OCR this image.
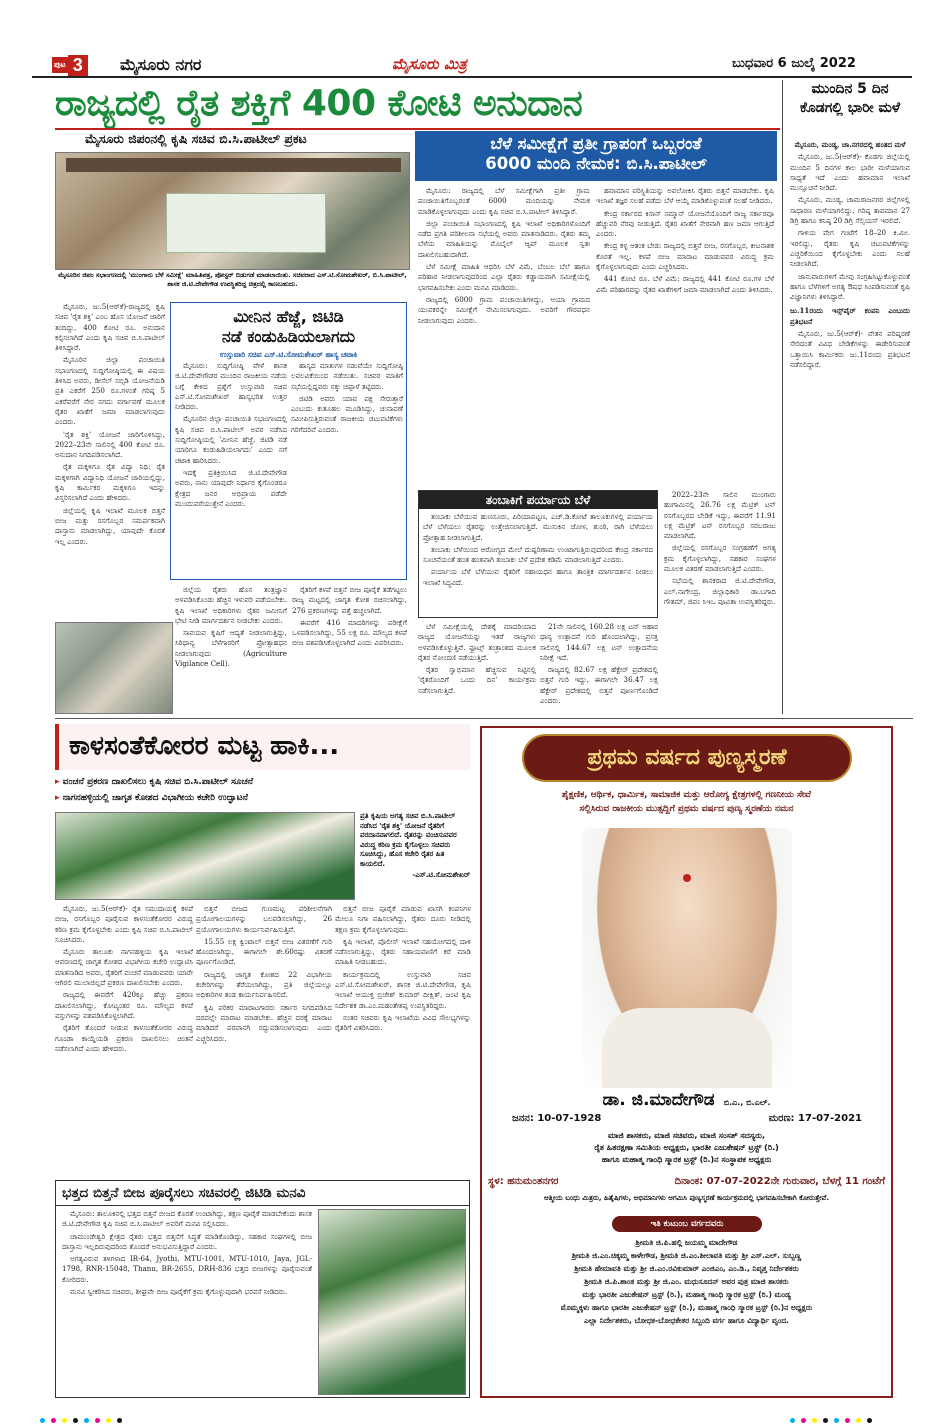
ಪುಟ 3	ಮೈಸೂರು ನಗರ	ಮೈಸೂರು ಮಿತ್ರ	ಬುಧವಾರ 6 ಜುಲೈ 2022
ರಾಜ್ಯದಲ್ಲಿ ರೈತ ಶಕ್ತಿಗೆ 400 ಕೋಟಿ ಅನುದಾನ
ಮೈಸೂರು ಜಿಪಂನಲ್ಲಿ ಕೃಷಿ ಸಚಿವ ಬಿ.ಸಿ.ಪಾಟೀಲ್ ಪ್ರಕಟ
ಮೈಸೂರಿನ ಜಿಪಂ ಸಭಾಂಗಣದಲ್ಲಿ 'ಮುಂಗಾರು ಬೆಳೆ ಸಮೀಕ್ಷೆ' ಮಾಹಿತಿಪತ್ರ, ಪೋಸ್ಟರ್ ಬಿಡುಗಡೆ ಮಾಡಲಾಯಿತು. ಸಚಿವರಾದ ಎಸ್.ಟಿ.ಸೋಮಶೇಖರ್, ಬಿ.ಸಿ.ಪಾಟೀಲ್, ಶಾಸಕ ಜಿ.ಟಿ.ದೇವೇಗೌಡ ಉಪಸ್ಥಿತರಿದ್ದ ಚಿತ್ರದಲ್ಲಿ ಕಾಣಬಹುದು.

ಮೈಸೂರು, ಜು.5(ಆರ್‌ಕೆ)-ರಾಜ್ಯದಲ್ಲಿ ಕೃಷಿ ಸಚಿವ 'ರೈತ ಶಕ್ತಿ' ಎಂಬ ಹೊಸ ಯೋಜನೆ ಜಾರಿಗೆ ತಂದಿದ್ದು, 400 ಕೋಟಿ ರೂ. ಅನುದಾನ ಕಲ್ಪಿಸಲಾಗಿದೆ ಎಂದು ಕೃಷಿ ಸಚಿವ ಬಿ.ಸಿ.ಪಾಟೀಲ್ ತಿಳಿಸಿದ್ದಾರೆ.

ಮೈಸೂರಿನ ಜಿಲ್ಲಾ ಪಂಚಾಯಿತಿ ಸಭಾಂಗಣದಲ್ಲಿ ಸುದ್ದಿಗೋಷ್ಠಿಯಲ್ಲಿ ಈ ವಿಷಯ ತಿಳಿಸಿದ ಅವರು, ಡೀಸೆಲ್ ಸಬ್ಸಿಡಿ ಯೋಜನೆಯಡಿ ಪ್ರತಿ ಎಕರೆಗೆ 250 ರೂ.ಗಳಂತೆ ಗರಿಷ್ಠ 5 ಎಕರೆವರೆಗೆ ನೇರ ನಗದು ವರ್ಗಾವಣೆ ಮೂಲಕ ರೈತರ ಖಾತೆಗೆ ಜಮಾ ಮಾಡಲಾಗುವುದು ಎಂದರು.

'ರೈತ ಶಕ್ತಿ' ಯೋಜನೆ ಜಾರಿಗೊಳಿಸಿದ್ದು, 2022–23ನೇ ಸಾಲಿನಲ್ಲಿ 400 ಕೋಟಿ ರೂ. ಅನುದಾನ ನಿಗದಿಪಡಿಸಲಾಗಿದೆ.

ರೈತ ಮಕ್ಕಳಿಗೂ ರೈತ ವಿದ್ಯಾ ನಿಧಿ: ರೈತ ಮಕ್ಕಳಿಗಾಗಿ ವಿದ್ಯಾನಿಧಿ ಯೋಜನೆ ಜಾರಿಯಲ್ಲಿದ್ದು, ಕೃಷಿ ಕಾರ್ಮಿಕರ ಮಕ್ಕಳಿಗೂ ಇದನ್ನು ವಿಸ್ತರಿಸಲಾಗಿದೆ ಎಂದು ಹೇಳಿದರು.

ಜಿಲ್ಲೆಯಲ್ಲಿ ಕೃಷಿ ಇಲಾಖೆ ಮೂಲಕ ಬಿತ್ತನೆ ಬೀಜ ಮತ್ತು ರಸಗೊಬ್ಬರ ಸಮರ್ಪಕವಾಗಿ ದಾಸ್ತಾನು ಮಾಡಲಾಗಿದ್ದು, ಯಾವುದೇ ಕೊರತೆ ಇಲ್ಲ ಎಂದರು.

ಮೀನಿನ ಹೆಜ್ಜೆ, ಜಿಟಿಡಿ
ನಡೆ ಕಂಡುಹಿಡಿಯಲಾಗದು
ಉಸ್ತುವಾರಿ ಸಚಿವ ಎಸ್.ಟಿ.ಸೋಮಶೇಖರ್ ಹಾಸ್ಯ ಚಟಾಕಿ

ಮೈಸೂರು: ಸುದ್ದಿಗೋಷ್ಠಿ ವೇಳೆ ಶಾಸಕ ಜಿ.ಟಿ.ದೇವೇಗೌಡರ ಮುಂದಿನ ರಾಜಕೀಯ ನಡೆಯ ಬಗ್ಗೆ ಕೇಳಿದ ಪ್ರಶ್ನೆಗೆ ಉಸ್ತುವಾರಿ ಸಚಿವ ಎಸ್.ಟಿ.ಸೋಮಶೇಖರ್ ಹಾಸ್ಯಭರಿತ ಉತ್ತರ ನೀಡಿದರು.

ಮೈಸೂರಿನ ಜಿಲ್ಲಾ ಪಂಚಾಯಿತಿ ಸಭಾಂಗಣದಲ್ಲಿ ಕೃಷಿ ಸಚಿವ ಬಿ.ಸಿ.ಪಾಟೀಲ್ ಅವರ ನಡೆಸಿದ ಸುದ್ದಿಗೋಷ್ಠಿಯಲ್ಲಿ 'ಮೀನಿನ ಹೆಜ್ಜೆ, ಜಿಟಿಡಿ ನಡೆ ಯಾರಿಗೂ ಕಂಡುಹಿಡಿಯಲಾಗದು' ಎಂದು ನಗೆ ಚಟಾಕಿ ಹಾರಿಸಿದರು.

ಇದಕ್ಕೆ ಪ್ರತಿಕ್ರಿಯಿಸಿದ ಜಿ.ಟಿ.ದೇವೇಗೌಡ ಅವರು, ನಾನು ಯಾವುದೇ ನಿರ್ಧಾರ ಕೈಗೊಂಡರೂ ಕ್ಷೇತ್ರದ ಜನರ ಅಭಿಪ್ರಾಯ ಪಡೆದೇ ಮುಂದುವರೆಯುತ್ತೇನೆ ಎಂದರು.

ಹಾಸ್ಯದ ಮಾತುಗಳ ನಡುವೆಯೇ ಸುದ್ದಿಗೋಷ್ಠಿ ಲವಲವಿಕೆಯಿಂದ ನಡೆಯಿತು. ಸಚಿವರ ಮಾತಿಗೆ ಸಭೆಯಲ್ಲಿದ್ದವರು ನಕ್ಕು ಚಪ್ಪಾಳೆ ತಟ್ಟಿದರು.

ಜಿಟಿಡಿ ಅವರು ಯಾವ ಪಕ್ಷ ಸೇರುತ್ತಾರೆ ಎಂಬುದು ಕುತೂಹಲ ಮೂಡಿಸಿದ್ದು, ಚುನಾವಣೆ ಸಮೀಪಿಸುತ್ತಿರುವಂತೆ ರಾಜಕೀಯ ಚಟುವಟಿಕೆಗಳು ಗರಿಗೆದರಿವೆ ಎಂದರು.

ಜಿಲ್ಲೆಯ ರೈತರು ಹೊಸ ತಂತ್ರಜ್ಞಾನ ಅಳವಡಿಸಿಕೊಂಡು ಹೆಚ್ಚಿನ ಇಳುವರಿ ಪಡೆಯಬೇಕು. ಕೃಷಿ ಇಲಾಖೆ ಅಧಿಕಾರಿಗಳು ರೈತರ ಜಮೀನಿಗೆ ಭೇಟಿ ನೀಡಿ ಮಾರ್ಗದರ್ಶನ ನೀಡಬೇಕು ಎಂದರು.

ಸಾವಯವ ಕೃಷಿಗೆ ಆದ್ಯತೆ ನೀಡಲಾಗುತ್ತಿದ್ದು, ಸಿರಿಧಾನ್ಯ ಬೆಳೆಗಾರರಿಗೆ ಪ್ರೋತ್ಸಾಹಧನ ನೀಡಲಾಗುವುದು (Agriculture Vigilance Cell).

ರೈತರಿಗೆ ಕಳಪೆ ಬಿತ್ತನೆ ಬೀಜ ಪೂರೈಕೆ ತಡೆಗಟ್ಟಲು ರಾಜ್ಯ ಮಟ್ಟದಲ್ಲಿ ಜಾಗೃತ ಕೋಶ ರಚಿಸಲಾಗಿದ್ದು, 276 ಪ್ರಕರಣಗಳನ್ನು ಪತ್ತೆ ಹಚ್ಚಲಾಗಿದೆ.

ಈವರೆಗೆ 416 ಮಾದರಿಗಳನ್ನು ಪರೀಕ್ಷೆಗೆ ಒಳಪಡಿಸಲಾಗಿದ್ದು, 55 ಲಕ್ಷ ರೂ. ಮೌಲ್ಯದ ಕಳಪೆ ಬೀಜ ವಶಪಡಿಸಿಕೊಳ್ಳಲಾಗಿದೆ ಎಂದು ವಿವರಿಸಿದರು.

ಬೆಳೆ ಸಮೀಕ್ಷೆಗೆ ಪ್ರತೀ ಗ್ರಾಪಂಗೆ ಒಬ್ಬರಂತೆ
6000 ಮಂದಿ ನೇಮಕ: ಬಿ.ಸಿ.ಪಾಟೀಲ್

ಮೈಸೂರು: ರಾಜ್ಯದಲ್ಲಿ ಬೆಳೆ ಸಮೀಕ್ಷೆಗಾಗಿ ಪ್ರತೀ ಗ್ರಾಮ ಪಂಚಾಯಿತಿಗೊಬ್ಬರಂತೆ 6000 ಮಂದಿಯನ್ನು ನೇಮಕ ಮಾಡಿಕೊಳ್ಳಲಾಗುವುದು ಎಂದು ಕೃಷಿ ಸಚಿವ ಬಿ.ಸಿ.ಪಾಟೀಲ್ ತಿಳಿಸಿದ್ದಾರೆ.

ಜಿಲ್ಲಾ ಪಂಚಾಯಿತಿ ಸಭಾಂಗಣದಲ್ಲಿ ಕೃಷಿ ಇಲಾಖೆ ಅಧಿಕಾರಿಗಳೊಂದಿಗೆ ನಡೆದ ಪ್ರಗತಿ ಪರಿಶೀಲನಾ ಸಭೆಯಲ್ಲಿ ಅವರು ಮಾತನಾಡಿದರು. ರೈತರು ತಮ್ಮ ಬೆಳೆಯ ಮಾಹಿತಿಯನ್ನು ಮೊಬೈಲ್ ಆ್ಯಪ್ ಮೂಲಕ ಸ್ವತಃ ದಾಖಲಿಸಬಹುದಾಗಿದೆ.

ಬೆಳೆ ಸಮೀಕ್ಷೆ ಮಾಹಿತಿ ಆಧರಿಸಿ ಬೆಳೆ ವಿಮೆ, ಬೆಂಬಲ ಬೆಲೆ ಹಾಗೂ ಪರಿಹಾರ ನೀಡಲಾಗುವುದರಿಂದ ಎಲ್ಲಾ ರೈತರು ಕಡ್ಡಾಯವಾಗಿ ಸಮೀಕ್ಷೆಯಲ್ಲಿ ಭಾಗವಹಿಸಬೇಕು ಎಂದು ಮನವಿ ಮಾಡಿದರು.

ರಾಜ್ಯದಲ್ಲಿ 6000 ಗ್ರಾಮ ಪಂಚಾಯಿತಿಗಳಿದ್ದು, ಆಯಾ ಗ್ರಾಮದ ಯುವಕರನ್ನೇ ಸಮೀಕ್ಷೆಗೆ ನೇಮಿಸಲಾಗುವುದು. ಅವರಿಗೆ ಗೌರವಧನ ನೀಡಲಾಗುವುದು ಎಂದರು.

ಹವಾಮಾನ ಪರಿಸ್ಥಿತಿಯನ್ನು ಅವಲೋಕಿಸಿ ರೈತರು ಬಿತ್ತನೆ ಮಾಡಬೇಕು. ಕೃಷಿ ಇಲಾಖೆ ತಜ್ಞರ ಸಲಹೆ ಪಡೆದು ಬೆಳೆ ಆಯ್ಕೆ ಮಾಡಿಕೊಳ್ಳುವಂತೆ ಸಲಹೆ ನೀಡಿದರು.

ಕೇಂದ್ರ ಸರ್ಕಾರದ ಕಿಸಾನ್ ಸಮ್ಮಾನ್ ಯೋಜನೆಯೊಂದಿಗೆ ರಾಜ್ಯ ಸರ್ಕಾರವೂ ಹೆಚ್ಚುವರಿ ನೆರವು ನೀಡುತ್ತಿದೆ. ರೈತರ ಖಾತೆಗೆ ನೇರವಾಗಿ ಹಣ ಜಮಾ ಆಗುತ್ತಿದೆ ಎಂದರು.

ಕೇಂದ್ರ ಕಳ್ಳ ಆತಂಕ ಬೇಡ: ರಾಜ್ಯದಲ್ಲಿ ಬಿತ್ತನೆ ಬೀಜ, ರಸಗೊಬ್ಬರ, ಕೀಟನಾಶಕ ಕೊರತೆ ಇಲ್ಲ. ಕಳಪೆ ಬೀಜ ಮಾರಾಟ ಮಾಡುವವರ ವಿರುದ್ಧ ಕ್ರಮ ಕೈಗೊಳ್ಳಲಾಗುವುದು ಎಂದು ಎಚ್ಚರಿಸಿದರು.

441 ಕೋಟಿ ರೂ. ಬೆಳೆ ವಿಮೆ: ರಾಜ್ಯದಲ್ಲಿ 441 ಕೋಟಿ ರೂ.ಗಳ ಬೆಳೆ ವಿಮೆ ಪರಿಹಾರವನ್ನು ರೈತರ ಖಾತೆಗಳಿಗೆ ಜಮಾ ಮಾಡಲಾಗಿದೆ ಎಂದು ತಿಳಿಸಿದರು.

ತಂಬಾಕಿಗೆ ಪರ್ಯಾಯ ಬೆಳೆ

ತಂಬಾಕು ಬೆಳೆಯುವ ಹುಣಸೂರು, ಪಿರಿಯಾಪಟ್ಟಣ, ಎಚ್.ಡಿ.ಕೋಟೆ ತಾಲೂಕುಗಳಲ್ಲಿ ಪರ್ಯಾಯ ಬೆಳೆ ಬೆಳೆಯಲು ರೈತರನ್ನು ಉತ್ತೇಜಿಸಲಾಗುತ್ತಿದೆ. ಮುಸುಕಿನ ಜೋಳ, ಶುಂಠಿ, ರಾಗಿ ಬೆಳೆಯಲು ಪ್ರೋತ್ಸಾಹ ನೀಡಲಾಗುತ್ತಿದೆ.

ತಂಬಾಕು ಬೆಳೆಯಿಂದ ಆರೋಗ್ಯದ ಮೇಲೆ ದುಷ್ಪರಿಣಾಮ ಉಂಟಾಗುತ್ತಿರುವುದರಿಂದ ಕೇಂದ್ರ ಸರ್ಕಾರದ ಸೂಚನೆಯಂತೆ ಹಂತ ಹಂತವಾಗಿ ತಂಬಾಕು ಬೆಳೆ ಪ್ರದೇಶ ಕಡಿಮೆ ಮಾಡಲಾಗುತ್ತಿದೆ ಎಂದರು.

ಪರ್ಯಾಯ ಬೆಳೆ ಬೆಳೆಯುವ ರೈತರಿಗೆ ಸಹಾಯಧನ ಹಾಗೂ ತಾಂತ್ರಿಕ ಮಾರ್ಗದರ್ಶನ ನೀಡಲು ಇಲಾಖೆ ಸಿದ್ಧವಿದೆ.

2022–23ನೇ ಸಾಲಿನ ಮುಂಗಾರು ಹಂಗಾಮಿನಲ್ಲಿ 26.76 ಲಕ್ಷ ಮೆಟ್ರಿಕ್ ಟನ್ ರಸಗೊಬ್ಬರದ ಬೇಡಿಕೆ ಇದ್ದು, ಈವರೆಗೆ 11.91 ಲಕ್ಷ ಮೆಟ್ರಿಕ್ ಟನ್ ರಸಗೊಬ್ಬರ ಸರಬರಾಜು ಮಾಡಲಾಗಿದೆ.

ಜಿಲ್ಲೆಯಲ್ಲಿ ರಸಗೊಬ್ಬರ ಸಂಗ್ರಹಣೆಗೆ ಅಗತ್ಯ ಕ್ರಮ ಕೈಗೊಳ್ಳಲಾಗಿದ್ದು, ಸಹಕಾರ ಸಂಘಗಳ ಮೂಲಕ ವಿತರಣೆ ಮಾಡಲಾಗುತ್ತಿದೆ ಎಂದರು.

ಸಭೆಯಲ್ಲಿ ಶಾಸಕರಾದ ಜಿ.ಟಿ.ದೇವೇಗೌಡ, ಎಲ್.ನಾಗೇಂದ್ರ, ಜಿಲ್ಲಾಧಿಕಾರಿ ಡಾ.ಬಗಾದಿ ಗೌತಮ್, ಜಿಪಂ ಸಿಇಒ ಪೂವಿತಾ ಉಪಸ್ಥಿತರಿದ್ದರು.

ಬೆಳೆ ಸಮೀಕ್ಷೆಯಲ್ಲಿ ದೇಶಕ್ಕೆ ಮಾದರಿಯಾದ ರಾಜ್ಯದ ಯೋಜನೆಯನ್ನು ಇತರೆ ರಾಜ್ಯಗಳು ಅಳವಡಿಸಿಕೊಳ್ಳುತ್ತಿವೆ. ಫ್ರೂಟ್ಸ್ ತಂತ್ರಾಂಶದ ಮೂಲಕ ರೈತರ ನೋಂದಣಿ ನಡೆಯುತ್ತಿದೆ.

ರೈತರ ಸ್ವಾಭಿಮಾನ ಹೆಚ್ಚಿಸುವ ನಿಟ್ಟಿನಲ್ಲಿ 'ರೈತರೊಂದಿಗೆ ಒಂದು ದಿನ' ಕಾರ್ಯಕ್ರಮ ನಡೆಸಲಾಗುತ್ತಿದೆ.

21ನೇ ಸಾಲಿನಲ್ಲಿ 160.28 ಲಕ್ಷ ಟನ್ ಆಹಾರ ಧಾನ್ಯ ಉತ್ಪಾದನೆ ಗುರಿ ಹೊಂದಲಾಗಿದ್ದು, ಪ್ರಸಕ್ತ ಸಾಲಿನಲ್ಲಿ 144.67 ಲಕ್ಷ ಟನ್ ಉತ್ಪಾದನೆಯ ನಿರೀಕ್ಷೆ ಇದೆ.

ರಾಜ್ಯದಲ್ಲಿ 82.67 ಲಕ್ಷ ಹೆಕ್ಟೇರ್ ಪ್ರದೇಶದಲ್ಲಿ ಬಿತ್ತನೆ ಗುರಿ ಇದ್ದು, ಈಗಾಗಲೇ 36.47 ಲಕ್ಷ ಹೆಕ್ಟೇರ್ ಪ್ರದೇಶದಲ್ಲಿ ಬಿತ್ತನೆ ಪೂರ್ಣಗೊಂಡಿದೆ ಎಂದರು.

ಮುಂದಿನ 5 ದಿನ ಕೊಡಗಲ್ಲಿ ಭಾರೀ ಮಳೆ

ಮೈಸೂರು, ಮಂಡ್ಯ, ಚಾ.ನಗರದಲ್ಲಿ ಹಂತದ ಮಳೆ

ಮೈಸೂರು, ಜು.5(ಆರ್‌ಕೆ)- ಕೊಡಗು ಜಿಲ್ಲೆಯಲ್ಲಿ ಮುಂದಿನ 5 ದಿನಗಳ ಕಾಲ ಭಾರೀ ಮಳೆಯಾಗುವ ಸಾಧ್ಯತೆ ಇದೆ ಎಂದು ಹವಾಮಾನ ಇಲಾಖೆ ಮುನ್ಸೂಚನೆ ನೀಡಿದೆ.

ಮೈಸೂರು, ಮಂಡ್ಯ, ಚಾಮರಾಜನಗರ ಜಿಲ್ಲೆಗಳಲ್ಲಿ ಸಾಧಾರಣ ಮಳೆಯಾಗಲಿದ್ದು, ಗರಿಷ್ಠ ತಾಪಮಾನ 27 ಡಿಗ್ರಿ ಹಾಗೂ ಕನಿಷ್ಠ 20 ಡಿಗ್ರಿ ಸೆಲ್ಸಿಯಸ್ ಇರಲಿದೆ.

ಗಾಳಿಯ ವೇಗ ಗಂಟೆಗೆ 18–20 ಕಿ.ಮೀ. ಇರಲಿದ್ದು, ರೈತರು ಕೃಷಿ ಚಟುವಟಿಕೆಗಳನ್ನು ಎಚ್ಚರಿಕೆಯಿಂದ ಕೈಗೊಳ್ಳಬೇಕು ಎಂದು ಸಲಹೆ ನೀಡಲಾಗಿದೆ.

ಜಾನುವಾರುಗಳಿಗೆ ಮೇವು ಸಂಗ್ರಹಿಸಿಟ್ಟುಕೊಳ್ಳುವಂತೆ ಹಾಗೂ ಬೆಳೆಗಳಿಗೆ ಅಗತ್ಯ ಔಷಧ ಸಿಂಪಡಿಸುವಂತೆ ಕೃಷಿ ವಿಜ್ಞಾನಿಗಳು ತಿಳಿಸಿದ್ದಾರೆ.

ಜು.11ರಂದು ಇನ್ಸ್‌ಪೈರ್ ಕಂಪನಿ ಎಂಬುದು ಪ್ರತಿಭಟನೆ

ಮೈಸೂರು, ಜು.5(ಆರ್‌ಕೆ)- ವೇತನ ಪರಿಷ್ಕರಣೆ ಸೇರಿದಂತೆ ವಿವಿಧ ಬೇಡಿಕೆಗಳನ್ನು ಈಡೇರಿಸುವಂತೆ ಒತ್ತಾಯಿಸಿ ಕಾರ್ಮಿಕರು ಜು.11ರಂದು ಪ್ರತಿಭಟನೆ ನಡೆಸಲಿದ್ದಾರೆ.

ಕಾಳಸಂತೆಕೋರರ ಮಟ್ಟ ಹಾಕಿ...
▸ ವಂಚನೆ ಪ್ರಕರಣ ದಾಖಲಿಸಲು ಕೃಷಿ ಸಚಿವ ಬಿ.ಸಿ.ಪಾಟೀಲ್ ಸೂಚನೆ
▸ ನಾಗನಹಳ್ಳಿಯಲ್ಲಿ ಜಾಗೃತ ಕೋಶದ ವಿಭಾಗೀಯ ಕಚೇರಿ ಉದ್ಘಾಟನೆ
ಪ್ರತಿ ಕೃಷಿಯ ಅಗತ್ಯ ಸಚಿವ ಬಿ.ಸಿ.ಪಾಟೀಲ್ ನಡೆಸಿದ 'ರೈತ ಶಕ್ತಿ' ಯೋಜನೆ ರೈತರಿಗೆ ವರದಾನವಾಗಲಿದೆ. ರೈತರನ್ನು ವಂಚಿಸುವವರ ವಿರುದ್ಧ ಕಠಿಣ ಕ್ರಮ ಕೈಗೊಳ್ಳಲು ಸಚಿವರು ಸೂಚಿಸಿದ್ದು, ಹೊಸ ಕಚೇರಿ ರೈತರ ಹಿತ ಕಾಯಲಿದೆ.
-ಎಸ್.ಟಿ.ಸೋಮಶೇಖರ್

ಮೈಸೂರು, ಜು.5(ಆರ್‌ಕೆ)- ರೈತ ಸಮುದಾಯಕ್ಕೆ ಕಳಪೆ ಬೀಜ, ರಸಗೊಬ್ಬರ ಪೂರೈಸುವ ಕಾಳಸಂತೆಕೋರರ ವಿರುದ್ಧ ಕಠಿಣ ಕ್ರಮ ಕೈಗೊಳ್ಳಬೇಕು ಎಂದು ಕೃಷಿ ಸಚಿವ ಬಿ.ಸಿ.ಪಾಟೀಲ್ ಸೂಚಿಸಿದರು.

ಮೈಸೂರು ತಾಲೂಕು ನಾಗನಹಳ್ಳಿಯ ಕೃಷಿ ಇಲಾಖೆ ಆವರಣದಲ್ಲಿ ಜಾಗೃತ ಕೋಶದ ವಿಭಾಗೀಯ ಕಚೇರಿ ಉದ್ಘಾಟಿಸಿ ಮಾತನಾಡಿದ ಅವರು, ರೈತರಿಗೆ ವಂಚನೆ ಮಾಡುವವರು ಯಾರೇ ಆಗಿರಲಿ ಮುಲಾಜಿಲ್ಲದೆ ಪ್ರಕರಣ ದಾಖಲಿಸಬೇಕು ಎಂದರು.

ರಾಜ್ಯದಲ್ಲಿ ಈವರೆಗೆ 420ಕ್ಕೂ ಹೆಚ್ಚು ಪ್ರಕರಣ ದಾಖಲಿಸಲಾಗಿದ್ದು, ಕೋಟ್ಯಂತರ ರೂ. ಮೌಲ್ಯದ ಕಳಪೆ ವಸ್ತುಗಳನ್ನು ವಶಪಡಿಸಿಕೊಳ್ಳಲಾಗಿದೆ.

ರೈತರಿಗೆ ತೊಂದರೆ ನೀಡುವ ಕಾಳಸಂತೆಕೋರರ ವಿರುದ್ಧ ಗೂಂಡಾ ಕಾಯ್ದೆಯಡಿ ಪ್ರಕರಣ ದಾಖಲಿಸಲು ಚಿಂತನೆ ನಡೆಸಲಾಗಿದೆ ಎಂದು ಹೇಳಿದರು.

ಬಿತ್ತನೆ ಬೀಜದ ಗುಣಮಟ್ಟ ಪರಿಶೀಲನೆಗಾಗಿ ಪ್ರಯೋಗಾಲಯಗಳನ್ನು ಬಲಪಡಿಸಲಾಗಿದ್ದು, 26 ಪ್ರಯೋಗಾಲಯಗಳು ಕಾರ್ಯನಿರ್ವಹಿಸುತ್ತಿವೆ.

15.55 ಲಕ್ಷ ಕ್ವಿಂಟಾಲ್ ಬಿತ್ತನೆ ಬೀಜ ವಿತರಣೆಗೆ ಗುರಿ ಹೊಂದಲಾಗಿದ್ದು, ಈಗಾಗಲೇ ಶೇ.60ರಷ್ಟು ವಿತರಣೆ ಪೂರ್ಣಗೊಂಡಿದೆ.

ರಾಜ್ಯದಲ್ಲಿ ಜಾಗೃತ ಕೋಶದ 22 ವಿಭಾಗೀಯ ಕಚೇರಿಗಳನ್ನು ತೆರೆಯಲಾಗಿದ್ದು, ಪ್ರತಿ ಜಿಲ್ಲೆಯಲ್ಲೂ ಅಧಿಕಾರಿಗಳ ತಂಡ ಕಾರ್ಯನಿರ್ವಹಿಸಲಿದೆ.

ಕೃಷಿ ಪರಿಕರ ಮಾರಾಟಗಾರರು ಸರ್ಕಾರ ನಿಗದಿಪಡಿಸಿದ ದರದಲ್ಲೇ ಮಾರಾಟ ಮಾಡಬೇಕು. ಹೆಚ್ಚಿನ ದರಕ್ಕೆ ಮಾರಾಟ ಮಾಡಿದರೆ ಪರವಾನಗಿ ರದ್ದುಪಡಿಸಲಾಗುವುದು ಎಂದು ಎಚ್ಚರಿಸಿದರು.

ಬಿತ್ತನೆ ಬೀಜ ಪೂರೈಕೆ ಮಾಡುವ ಖಾಸಗಿ ಕಂಪನಿಗಳ ಮೇಲೂ ನಿಗಾ ವಹಿಸಲಾಗಿದ್ದು, ರೈತರು ದೂರು ನೀಡಿದಲ್ಲಿ ತಕ್ಷಣ ಕ್ರಮ ಕೈಗೊಳ್ಳಲಾಗುವುದು.

ಕೃಷಿ ಇಲಾಖೆ, ಪೊಲೀಸ್ ಇಲಾಖೆ ಸಹಯೋಗದಲ್ಲಿ ದಾಳಿ ನಡೆಸಲಾಗುತ್ತಿದ್ದು, ರೈತರು ಸಹಾಯವಾಣಿಗೆ ಕರೆ ಮಾಡಿ ಮಾಹಿತಿ ನೀಡಬಹುದು.

ಕಾರ್ಯಕ್ರಮದಲ್ಲಿ ಉಸ್ತುವಾರಿ ಸಚಿವ ಎಸ್.ಟಿ.ಸೋಮಶೇಖರ್, ಶಾಸಕ ಜಿ.ಟಿ.ದೇವೇಗೌಡ, ಕೃಷಿ ಇಲಾಖೆ ಆಯುಕ್ತ ಬ್ರಿಜೇಶ್ ಕುಮಾರ್ ದೀಕ್ಷಿತ್, ಜಂಟಿ ಕೃಷಿ ನಿರ್ದೇಶಕ ಡಾ.ಎಂ.ಮಹಂತೇಶಪ್ಪ ಉಪಸ್ಥಿತರಿದ್ದರು.

ನಂತರ ಸಚಿವರು ಕೃಷಿ ಇಲಾಖೆಯ ವಿವಿಧ ಸೌಲಭ್ಯಗಳನ್ನು ರೈತರಿಗೆ ವಿತರಿಸಿದರು.

ಭತ್ತದ ಬಿತ್ತನೆ ಬೀಜ ಪೂರೈಸಲು ಸಚಿವರಲ್ಲಿ ಜಿಟಿಡಿ ಮನವಿ

ಮೈಸೂರು: ತಾಲೂಕಿನಲ್ಲಿ ಭತ್ತದ ಬಿತ್ತನೆ ಬೀಜದ ಕೊರತೆ ಉಂಟಾಗಿದ್ದು, ತಕ್ಷಣ ಪೂರೈಕೆ ಮಾಡಬೇಕೆಂದು ಶಾಸಕ ಜಿ.ಟಿ.ದೇವೇಗೌಡ ಕೃಷಿ ಸಚಿವ ಬಿ.ಸಿ.ಪಾಟೀಲ್ ಅವರಿಗೆ ಮನವಿ ಸಲ್ಲಿಸಿದರು.

ಚಾಮುಂಡೇಶ್ವರಿ ಕ್ಷೇತ್ರದ ರೈತರು ಭತ್ತದ ಬಿತ್ತನೆಗೆ ಸಿದ್ಧತೆ ಮಾಡಿಕೊಂಡಿದ್ದು, ಸಹಕಾರ ಸಂಘಗಳಲ್ಲಿ ಬೀಜ ದಾಸ್ತಾನು ಇಲ್ಲದಿರುವುದರಿಂದ ತೊಂದರೆ ಅನುಭವಿಸುತ್ತಿದ್ದಾರೆ ಎಂದರು.

ಅಗತ್ಯವಿರುವ ತಳಿಗಳಾದ IR-64, Jyothi, MTU-1001, MTU-1010, Jaya, JGL-1798, RNR-15048, Thanu, BR-2655, DRH-836 ಭತ್ತದ ಬೀಜಗಳನ್ನು ಪೂರೈಸುವಂತೆ ಕೋರಿದರು.

ಮನವಿ ಸ್ವೀಕರಿಸಿದ ಸಚಿವರು, ಶೀಘ್ರವೇ ಬೀಜ ಪೂರೈಕೆಗೆ ಕ್ರಮ ಕೈಗೊಳ್ಳುವುದಾಗಿ ಭರವಸೆ ನೀಡಿದರು.

ಪ್ರಥಮ ವರ್ಷದ ಪುಣ್ಯಸ್ಮರಣೆ
ಶೈಕ್ಷಣಿಕ, ಆರ್ಥಿಕ, ಧಾರ್ಮಿಕ, ಸಾಮಾಜಿಕ ಮತ್ತು ಆರೋಗ್ಯ ಕ್ಷೇತ್ರಗಳಲ್ಲಿ ಗಣನೀಯ ಸೇವೆ
ಸಲ್ಲಿಸಿರುವ ರಾಜಕೀಯ ಮುತ್ಸದ್ದಿಗೆ ಪ್ರಥಮ ವರ್ಷದ ಪುಣ್ಯ ಸ್ಮರಣೆಯ ನಮನ
ಡಾ. ಜಿ.ಮಾದೇಗೌಡ ಬಿ.ಎ., ಬಿ.ಎಲ್.
ಜನನ: 10-07-1928	ಮರಣ: 17-07-2021
ಮಾಜಿ ಶಾಸಕರು, ಮಾಜಿ ಸಚಿವರು, ಮಾಜಿ ಸಂಸತ್ ಸದಸ್ಯರು,
ರೈತ ಹಿತರಕ್ಷಣಾ ಸಮಿತಿಯ ಅಧ್ಯಕ್ಷರು, ಭಾರತೀ ಎಜುಕೇಷನ್ ಟ್ರಸ್ಟ್ (ರಿ.)
ಹಾಗೂ ಮಹಾತ್ಮ ಗಾಂಧಿ ಸ್ಮಾರಕ ಟ್ರಸ್ಟ್ (ರಿ.)ನ ಸಂಸ್ಥಾಪಕ ಅಧ್ಯಕ್ಷರು
ಸ್ಥಳ: ಹನುಮಂತನಗರ	ದಿನಾಂಕ: 07-07-2022ನೇ ಗುರುವಾರ, ಬೆಳಗ್ಗೆ 11 ಗಂಟೆಗೆ
ಆತ್ಮೀಯ ಬಂಧು ಮಿತ್ರರು, ಹಿತೈಷಿಗಳು, ಅಭಿಮಾನಿಗಳು ಆಗಮಿಸಿ ಪುಣ್ಯಸ್ಮರಣೆ ಕಾರ್ಯಕ್ರಮದಲ್ಲಿ ಭಾಗವಹಿಸಬೇಕಾಗಿ ಕೋರುತ್ತೇವೆ.
ಇತಿ ಕುಟುಂಬ ವರ್ಗದವರು
ಶ್ರೀಮತಿ ಜಿ.ಪಿ.ಹಲ್ಲಿ ಜಯಮ್ಮ ಮಾದೇಗೌಡ
ಶ್ರೀಮತಿ ಜಿ.ಎಂ.ಚಿಕ್ಕಮ್ಮ ಕಾಳೇಗೌಡ, ಶ್ರೀಮತಿ ಜಿ.ಎಂ.ಶೀಲಾವತಿ ಮತ್ತು ಶ್ರೀ ಎಸ್.ಎಲ್. ಸುಬ್ಬಣ್ಣ
ಶ್ರೀಮತಿ ಹೇಮಾವತಿ ಮತ್ತು ಶ್ರೀ ಜಿ.ಎಂ.ರವಿಕುಮಾರ್ ಎಂಜಿಎಂ, ಎಂ.ಡಿ., ನಿವೃತ್ತ ನಿರ್ದೇಶಕರು
ಶ್ರೀಮತಿ ಜಿ.ಪಿ.ಶಾಂತ ಮತ್ತು ಶ್ರೀ ಜಿ.ಎಂ. ಮಧುಸೂದನ್ ಅವರ ಪುತ್ರ ಮಾಜಿ ಶಾಸಕರು
ಮತ್ತು ಭಾರತೀ ಎಜುಕೇಷನ್ ಟ್ರಸ್ಟ್ (ರಿ.), ಮಹಾತ್ಮ ಗಾಂಧಿ ಸ್ಮಾರಕ ಟ್ರಸ್ಟ್ (ರಿ.) ಮಂಡ್ಯ
ಮೊಮ್ಮಕ್ಕಳು ಹಾಗೂ ಭಾರತೀ ಎಜುಕೇಷನ್ ಟ್ರಸ್ಟ್ (ರಿ.), ಮಹಾತ್ಮ ಗಾಂಧಿ ಸ್ಮಾರಕ ಟ್ರಸ್ಟ್ (ರಿ.)ನ ಅಧ್ಯಕ್ಷರು
ಎಲ್ಲಾ ನಿರ್ದೇಶಕರು, ಬೋಧಕ-ಬೋಧಕೇತರ ಸಿಬ್ಬಂದಿ ವರ್ಗ ಹಾಗೂ ವಿದ್ಯಾರ್ಥಿ ವೃಂದ.
